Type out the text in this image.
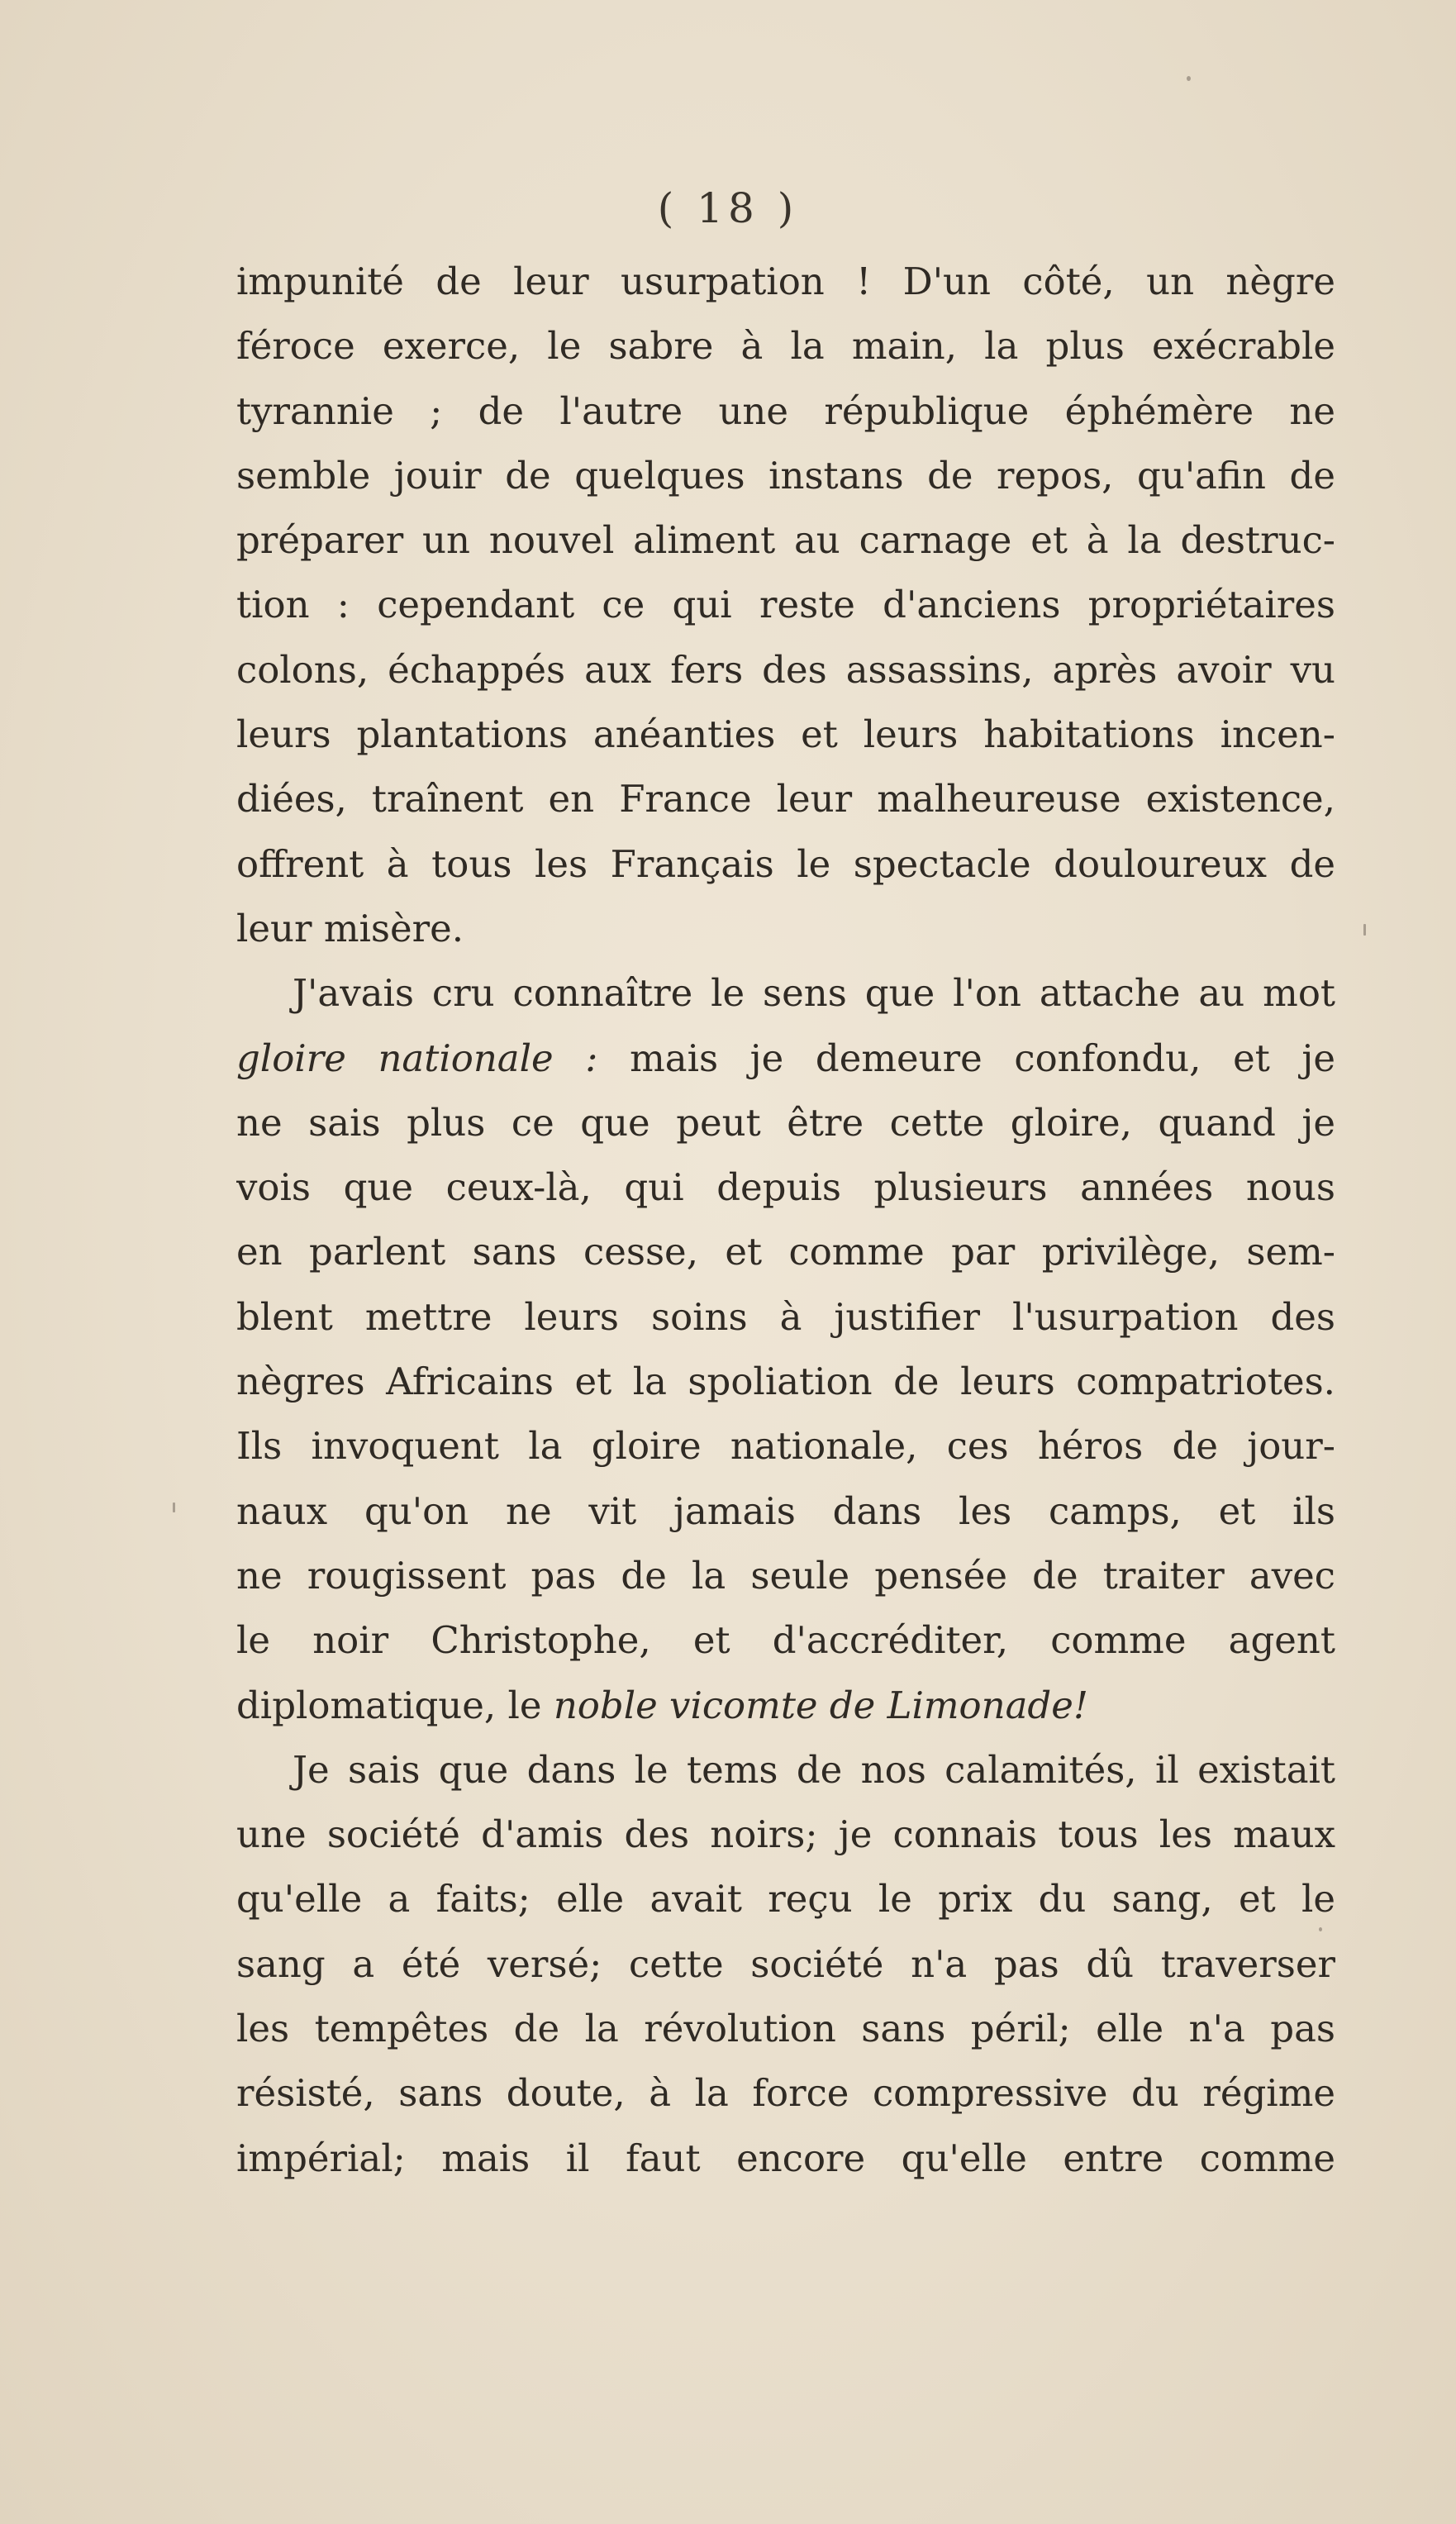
( 18 )
impunité de leur usurpation ! D'un côté, un nègre
féroce exerce, le sabre à la main, la plus exécrable
tyrannie ; de l'autre une république éphémère ne
semble jouir de quelques instans de repos, qu'afin de
préparer un nouvel aliment au carnage et à la destruc-
tion : cependant ce qui reste d'anciens propriétaires
colons, échappés aux fers des assassins, après avoir vu
leurs plantations anéanties et leurs habitations incen-
diées, traînent en France leur malheureuse existence,
offrent à tous les Français le spectacle douloureux de
leur misère.
J'avais cru connaître le sens que l'on attache au mot
gloire nationale : mais je demeure confondu, et je
ne sais plus ce que peut être cette gloire, quand je
vois que ceux-là, qui depuis plusieurs années nous
en parlent sans cesse, et comme par privilège, sem-
blent mettre leurs soins à justifier l'usurpation des
nègres Africains et la spoliation de leurs compatriotes.
Ils invoquent la gloire nationale, ces héros de jour-
naux qu'on ne vit jamais dans les camps, et ils
ne rougissent pas de la seule pensée de traiter avec
le noir Christophe, et d'accréditer, comme agent
diplomatique, le noble vicomte de Limonade!
Je sais que dans le tems de nos calamités, il existait
une société d'amis des noirs; je connais tous les maux
qu'elle a faits; elle avait reçu le prix du sang, et le
sang a été versé; cette société n'a pas dû traverser
les tempêtes de la révolution sans péril; elle n'a pas
résisté, sans doute, à la force compressive du régime
impérial; mais il faut encore qu'elle entre comme
